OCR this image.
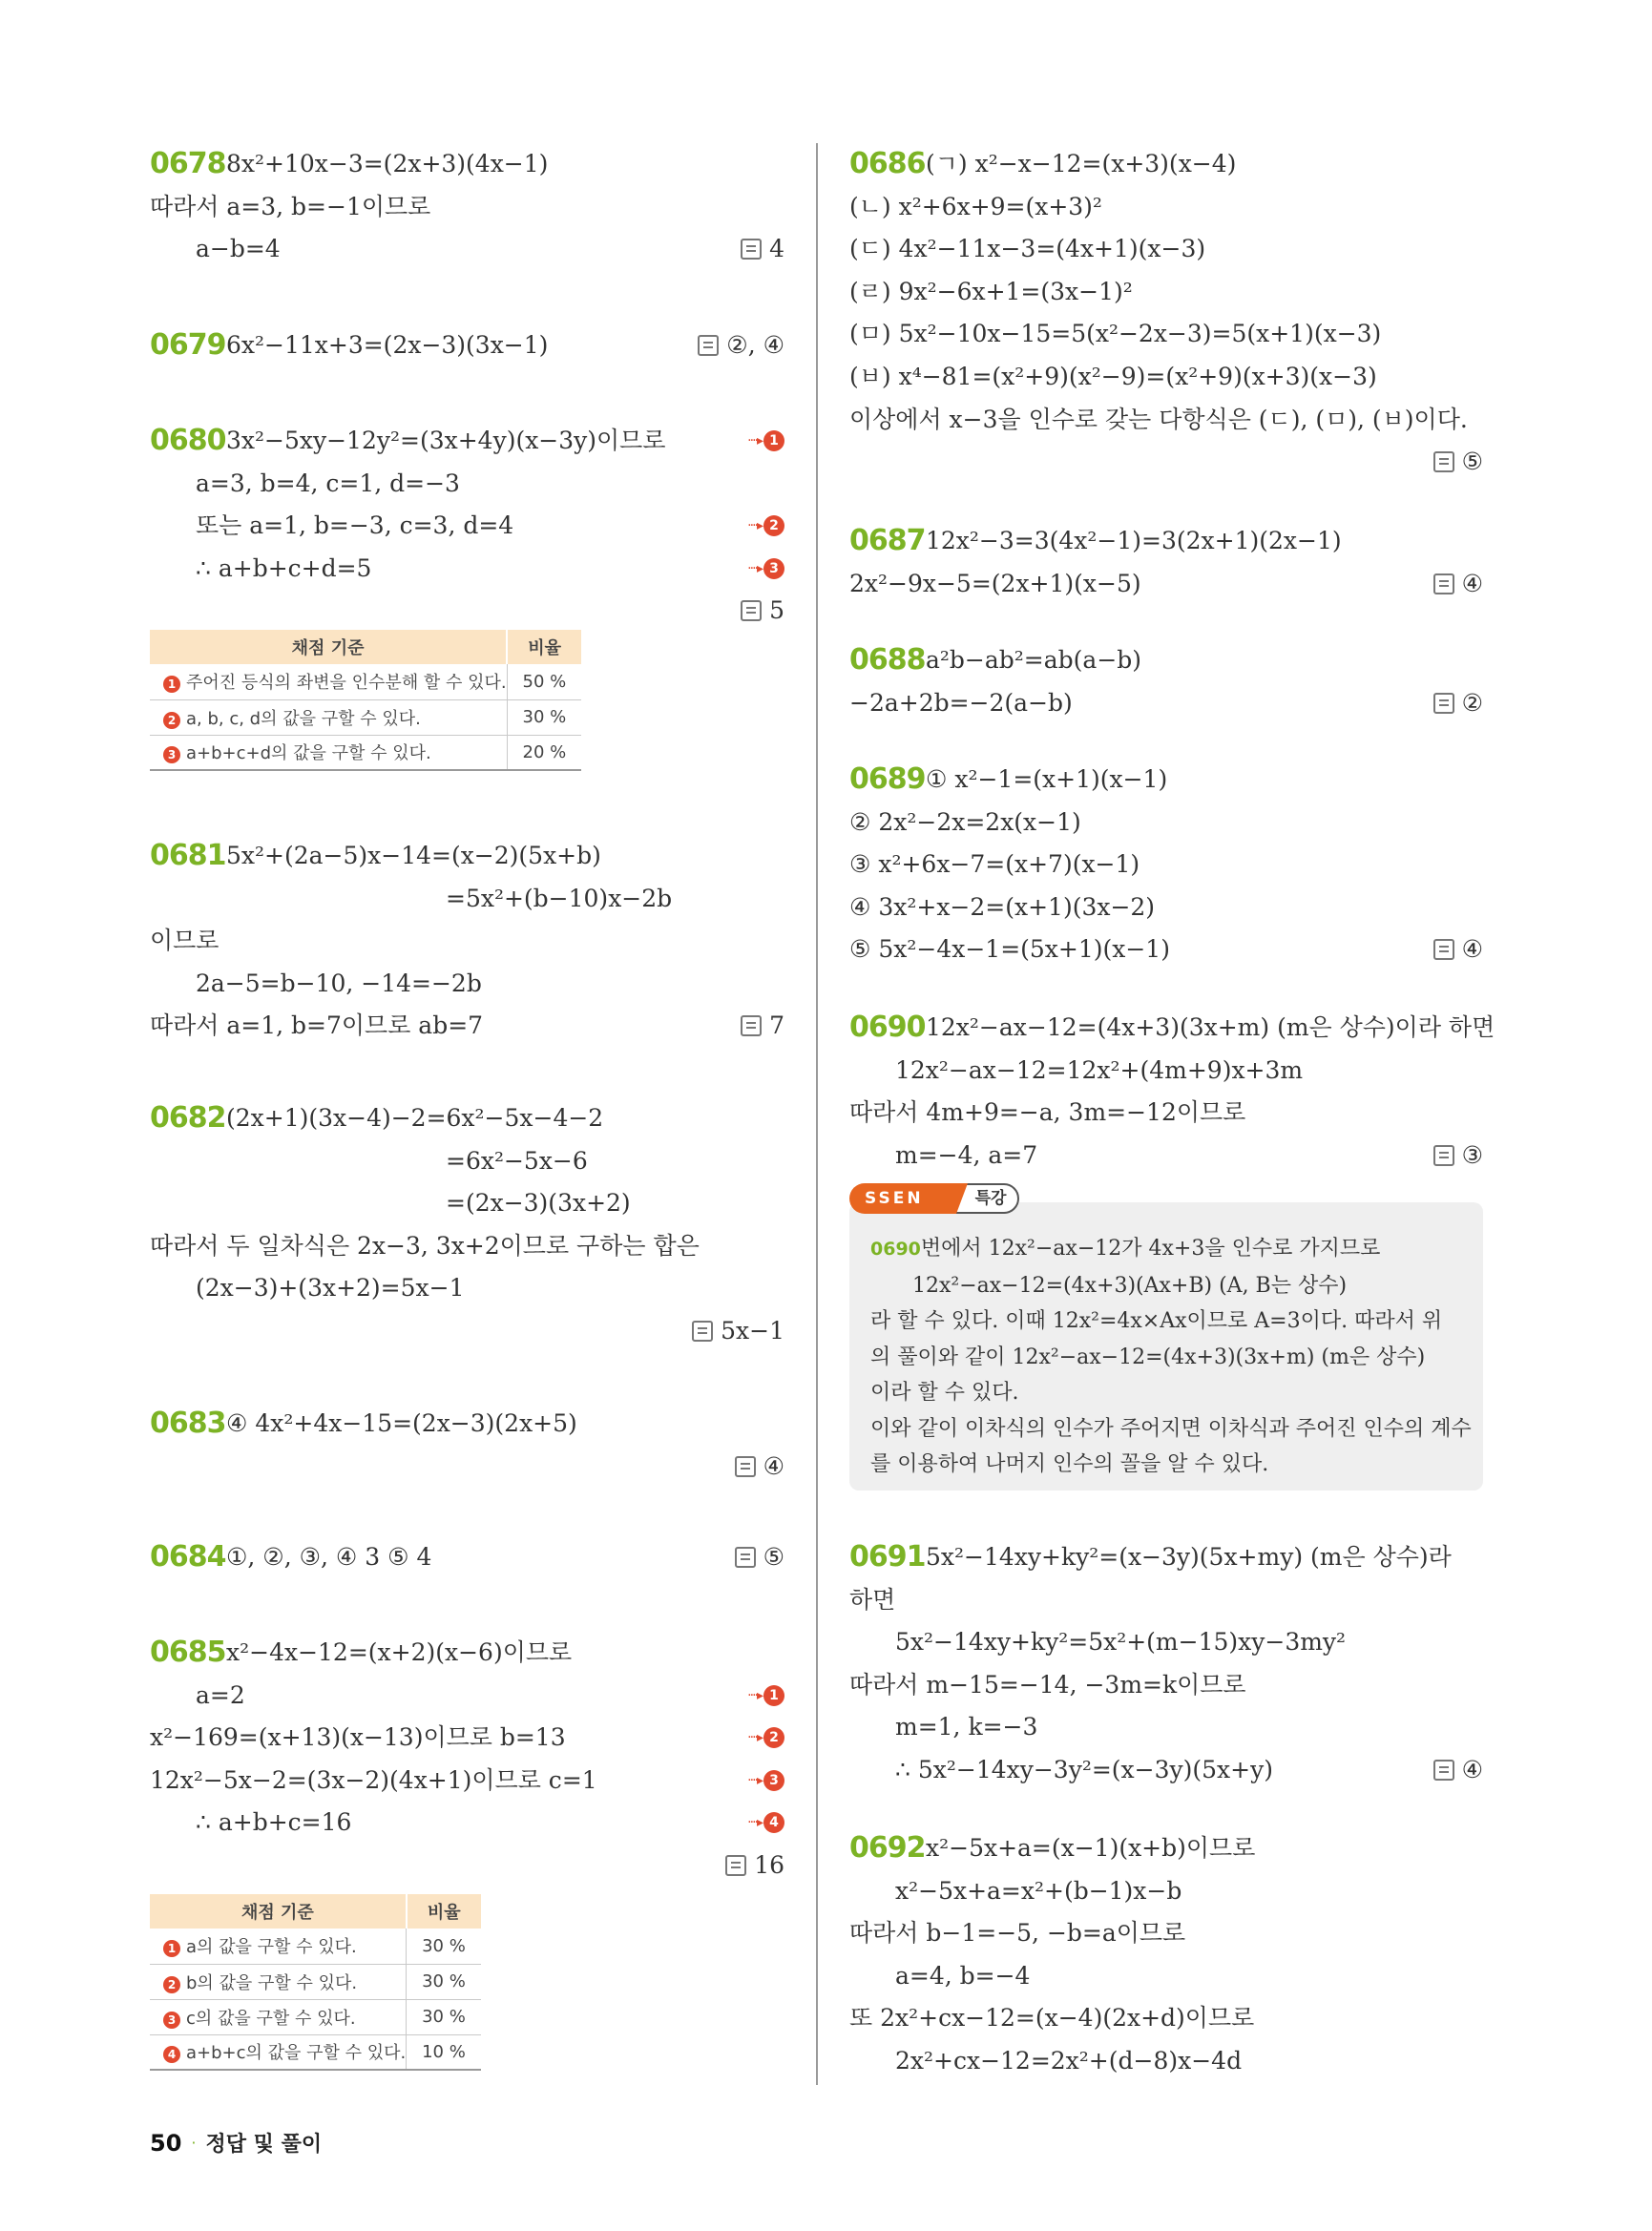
0678 8x²+10x−3=(2x+3)(4x−1)
따라서 a=3, b=−1이므로
a−b=4	4
0679 6x²−11x+3=(2x−3)(3x−1)	②, ④
0680 3x²−5xy−12y²=(3x+4y)(x−3y)이므로	····▸ 1
a=3, b=4, c=1, d=−3
또는 a=1, b=−3, c=3, d=4	····▸ 2
∴ a+b+c+d=5	····▸ 3
5
채점 기준	비율
1 주어진 등식의 좌변을 인수분해 할 수 있다.	50 %
2 a, b, c, d의 값을 구할 수 있다.	30 %
3 a+b+c+d의 값을 구할 수 있다.	20 %
0681 5x²+(2a−5)x−14=(x−2)(5x+b)
=5x²+(b−10)x−2b
이므로
2a−5=b−10, −14=−2b
따라서 a=1, b=7이므로 ab=7	7
0682 (2x+1)(3x−4)−2=6x²−5x−4−2
=6x²−5x−6
=(2x−3)(3x+2)
따라서 두 일차식은 2x−3, 3x+2이므로 구하는 합은
(2x−3)+(3x+2)=5x−1
5x−1
0683 ④ 4x²+4x−15=(2x−3)(2x+5)
④
0684 ①, ②, ③, ④ 3 ⑤ 4	⑤
0685 x²−4x−12=(x+2)(x−6)이므로
a=2	····▸ 1
x²−169=(x+13)(x−13)이므로 b=13	····▸ 2
12x²−5x−2=(3x−2)(4x+1)이므로 c=1	····▸ 3
∴ a+b+c=16	····▸ 4
16
채점 기준	비율
1 a의 값을 구할 수 있다.	30 %
2 b의 값을 구할 수 있다.	30 %
3 c의 값을 구할 수 있다.	30 %
4 a+b+c의 값을 구할 수 있다.	10 %
0686 (ㄱ) x²−x−12=(x+3)(x−4)
(ㄴ) x²+6x+9=(x+3)²
(ㄷ) 4x²−11x−3=(4x+1)(x−3)
(ㄹ) 9x²−6x+1=(3x−1)²
(ㅁ) 5x²−10x−15=5(x²−2x−3)=5(x+1)(x−3)
(ㅂ) x⁴−81=(x²+9)(x²−9)=(x²+9)(x+3)(x−3)
이상에서 x−3을 인수로 갖는 다항식은 (ㄷ), (ㅁ), (ㅂ)이다.
⑤
0687 12x²−3=3(4x²−1)=3(2x+1)(2x−1)
2x²−9x−5=(2x+1)(x−5)	④
0688 a²b−ab²=ab(a−b)
−2a+2b=−2(a−b)	②
0689 ① x²−1=(x+1)(x−1)
② 2x²−2x=2x(x−1)
③ x²+6x−7=(x+7)(x−1)
④ 3x²+x−2=(x+1)(3x−2)
⑤ 5x²−4x−1=(5x+1)(x−1)	④
0690 12x²−ax−12=(4x+3)(3x+m) (m은 상수)이라 하면
12x²−ax−12=12x²+(4m+9)x+3m
따라서 4m+9=−a, 3m=−12이므로
m=−4, a=7	③
0691 5x²−14xy+ky²=(x−3y)(5x+my) (m은 상수)라
하면
5x²−14xy+ky²=5x²+(m−15)xy−3my²
따라서 m−15=−14, −3m=k이므로
m=1, k=−3
∴ 5x²−14xy−3y²=(x−3y)(5x+y)	④
0692 x²−5x+a=(x−1)(x+b)이므로
x²−5x+a=x²+(b−1)x−b
따라서 b−1=−5, −b=a이므로
a=4, b=−4
또 2x²+cx−12=(x−4)(2x+d)이므로
2x²+cx−12=2x²+(d−8)x−4d
SSEN	특강
0690번에서 12x²−ax−12가 4x+3을 인수로 가지므로
12x²−ax−12=(4x+3)(Ax+B) (A, B는 상수)
라 할 수 있다. 이때 12x²=4x×Ax이므로 A=3이다. 따라서 위
의 풀이와 같이 12x²−ax−12=(4x+3)(3x+m) (m은 상수)
이라 할 수 있다.
이와 같이 이차식의 인수가 주어지면 이차식과 주어진 인수의 계수
를 이용하여 나머지 인수의 꼴을 알 수 있다.
50 · 정답 및 풀이
